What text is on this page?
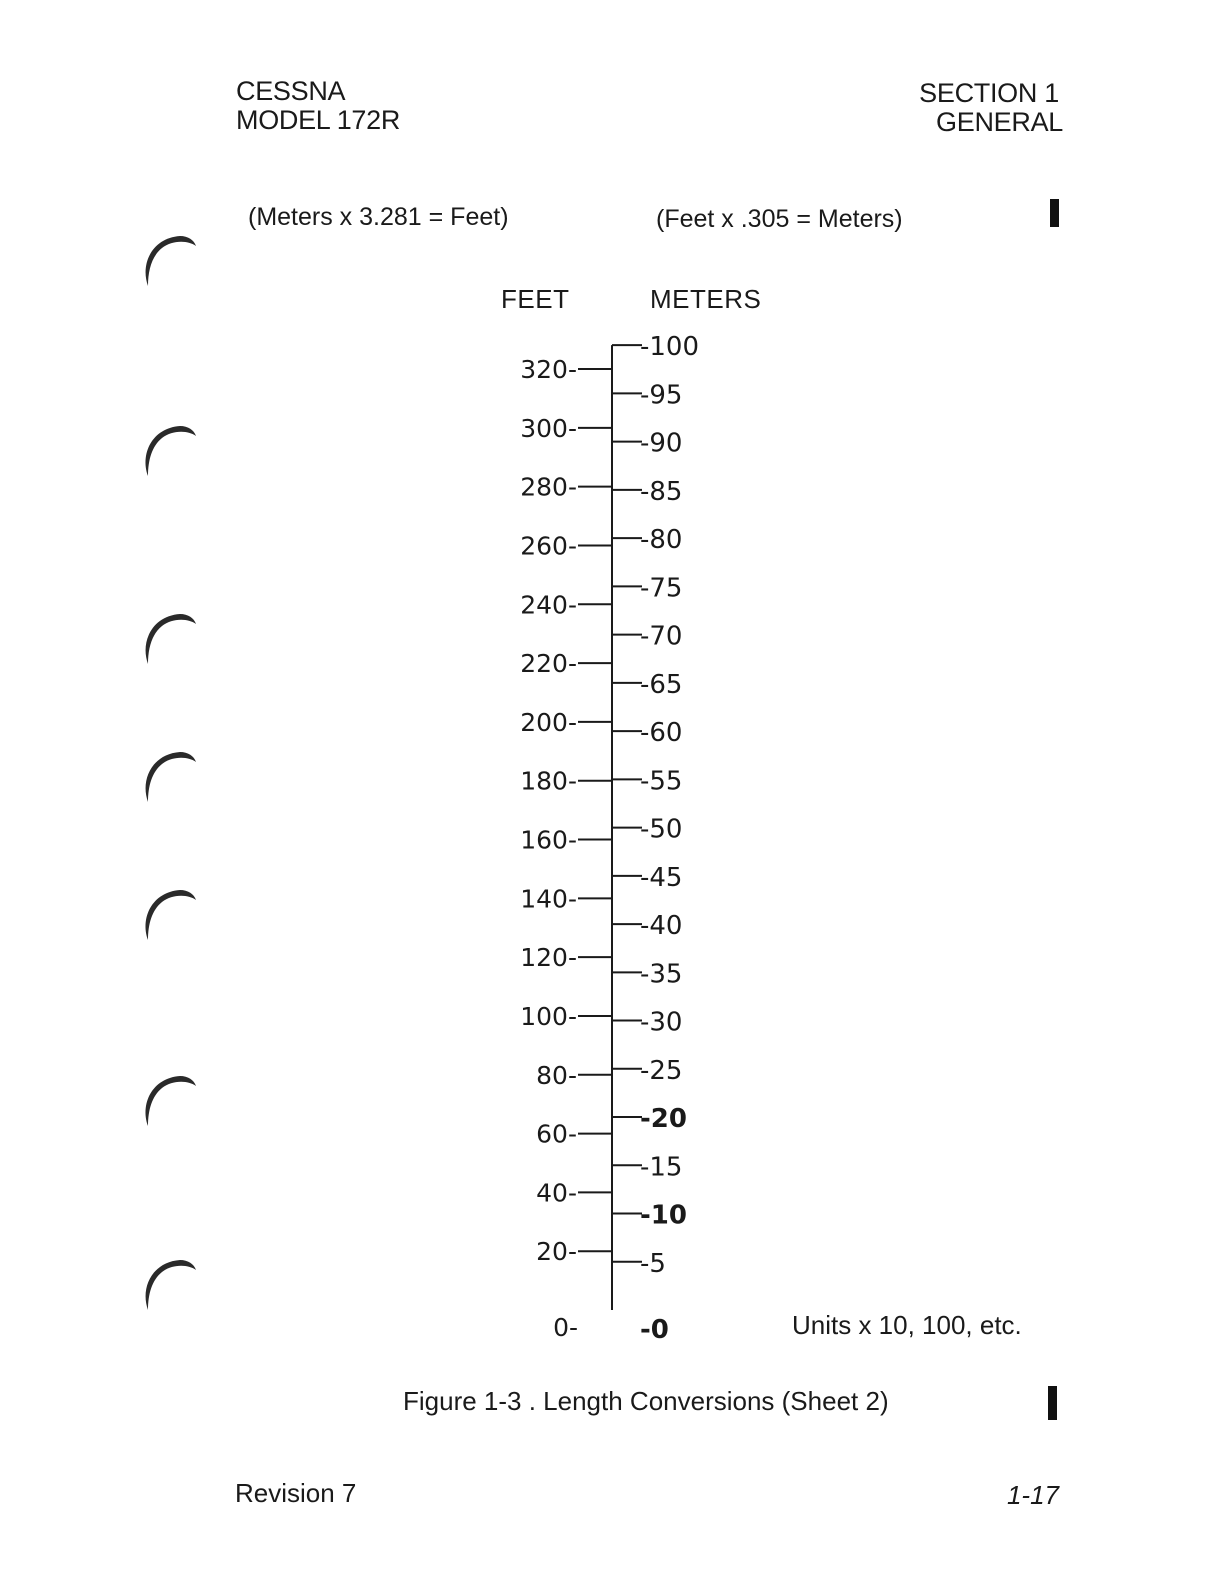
CESSNA
MODEL 172R
SECTION 1
GENERAL
(Meters x 3.281 = Feet)	(Feet x .305 = Meters)
FEET	METERS
0-
20-
40-
60-
80-
100-
120-
140-
160-
180-
200-
220-
240-
260-
280-
300-
320-
-0
-5
-10
-15
-20
-25
-30
-35
-40
-45
-50
-55
-60
-65
-70
-75
-80
-85
-90
-95
-100
Units x 10, 100, etc.
Figure 1-3 . Length Conversions (Sheet 2)
Revision 7	1-17
